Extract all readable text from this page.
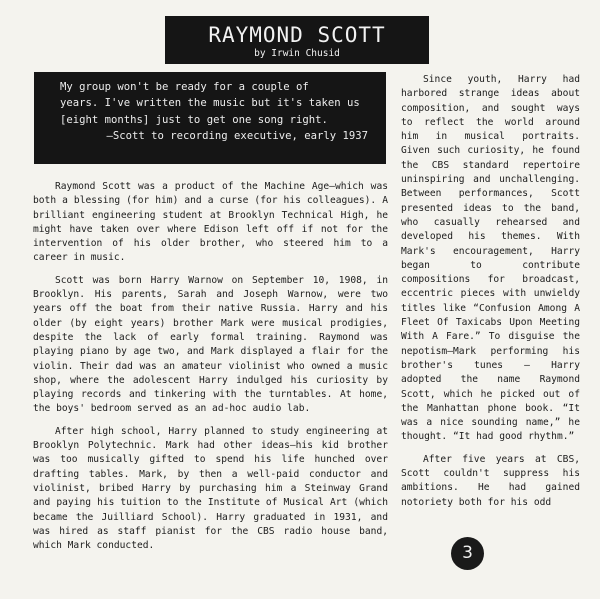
RAYMOND SCOTT
by Irwin Chusid
My group won't be ready for a couple of
years. I've written the music but it's taken us
[eight months] just to get one song right.
—Scott to recording executive, early 1937

Raymond Scott was a product of the Machine Age—which was both a blessing (for him) and a curse (for his colleagues). A brilliant engineering student at Brooklyn Technical High, he might have taken over where Edison left off if not for the intervention of his older brother, who steered him to a career in music.

Scott was born Harry Warnow on September 10, 1908, in Brooklyn. His parents, Sarah and Joseph Warnow, were two years off the boat from their native Russia. Harry and his older (by eight years) brother Mark were musical prodigies, despite the lack of early formal training. Raymond was playing piano by age two, and Mark displayed a flair for the violin. Their dad was an amateur violinist who owned a music shop, where the adolescent Harry indulged his curiosity by playing records and tinkering with the turntables. At home, the boys' bedroom served as an ad-hoc audio lab.

After high school, Harry planned to study engineering at Brooklyn Polytechnic. Mark had other ideas—his kid brother was too musically gifted to spend his life hunched over drafting tables. Mark, by then a well-paid conductor and violinist, bribed Harry by purchasing him a Steinway Grand and paying his tuition to the Institute of Musical Art (which became the Juilliard School). Harry graduated in 1931, and was hired as staff pianist for the CBS radio house band, which Mark conducted.

Since youth, Harry had harbored strange ideas about composition, and sought ways to reflect the world around him in musical portraits. Given such curiosity, he found the CBS standard repertoire uninspiring and unchallenging. Between performances, Scott presented ideas to the band, who casually rehearsed and developed his themes. With Mark's encouragement, Harry began to contribute compositions for broadcast, eccentric pieces with unwieldy titles like “Confusion Among A Fleet Of Taxicabs Upon Meeting With A Fare.” To disguise the nepotism—Mark performing his brother's tunes — Harry adopted the name Raymond Scott, which he picked out of the Manhattan phone book. “It was a nice sounding name,” he thought. “It had good rhythm.”

After five years at CBS, Scott couldn't suppress his ambitions. He had gained notoriety both for his odd

3
